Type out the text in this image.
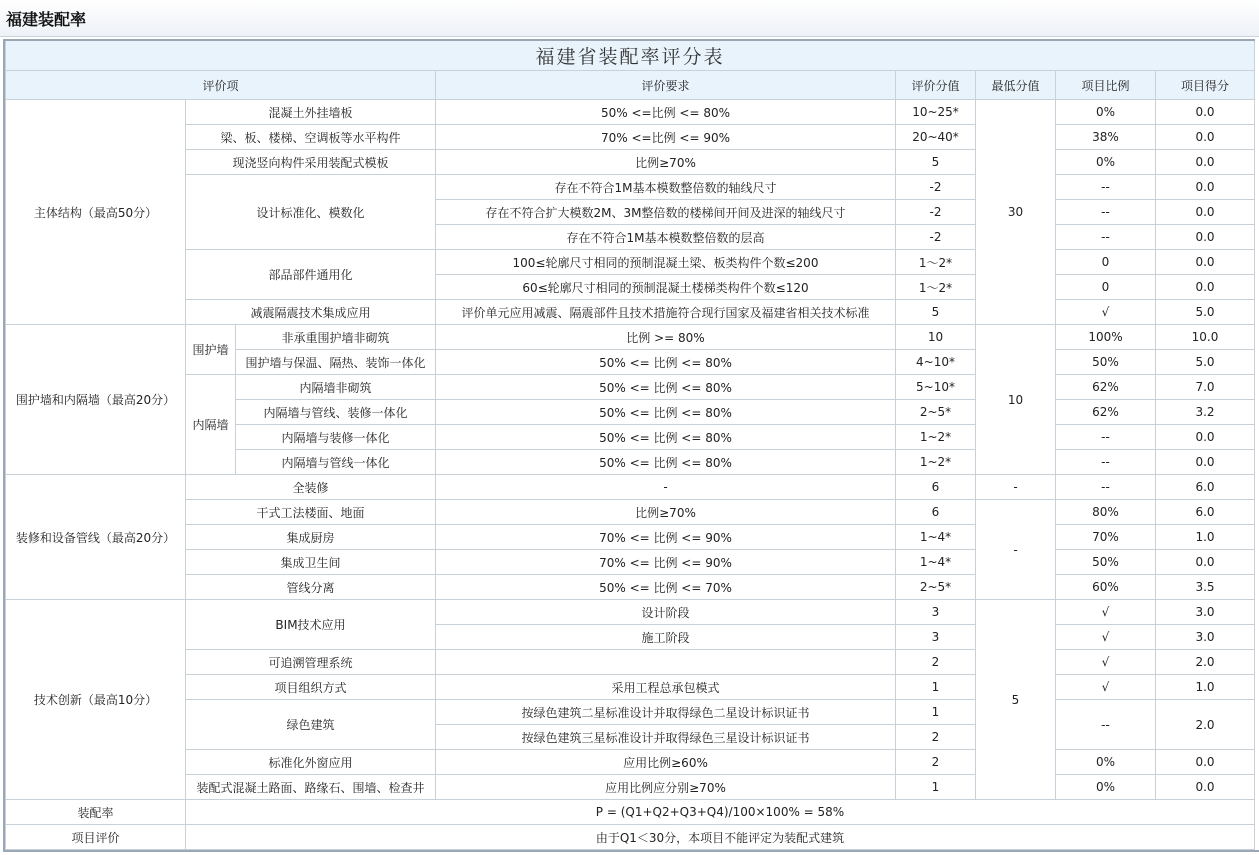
福建装配率
福建省装配率评分表							
评价项			评价要求	评价分值	最低分值	项目比例	项目得分
主体结构（最高50分）	混凝土外挂墙板		50% <=比例 <= 80%	10~25*	30	0%	0.0
	梁、板、楼梯、空调板等水平构件		70% <=比例 <= 90%	20~40*		38%	0.0
	现浇竖向构件采用装配式模板		比例≥70%	5		0%	0.0
	设计标准化、模数化		存在不符合1M基本模数整倍数的轴线尺寸	-2		--	0.0
			存在不符合扩大模数2M、3M整倍数的楼梯间开间及进深的轴线尺寸	-2		--	0.0
			存在不符合1M基本模数整倍数的层高	-2		--	0.0
	部品部件通用化		100≤轮廓尺寸相同的预制混凝土梁、板类构件个数≤200	1～2*		0	0.0
			60≤轮廓尺寸相同的预制混凝土楼梯类构件个数≤120	1～2*		0	0.0
	减震隔震技术集成应用		评价单元应用减震、隔震部件且技术措施符合现行国家及福建省相关技术标准	5		√	5.0
围护墙和内隔墙（最高20分）	围护墙	非承重围护墙非砌筑	比例 >= 80%	10	10	100%	10.0
		围护墙与保温、隔热、装饰一体化	50% <= 比例 <= 80%	4~10*		50%	5.0
	内隔墙	内隔墙非砌筑	50% <= 比例 <= 80%	5~10*		62%	7.0
		内隔墙与管线、装修一体化	50% <= 比例 <= 80%	2~5*		62%	3.2
		内隔墙与装修一体化	50% <= 比例 <= 80%	1~2*		--	0.0
		内隔墙与管线一体化	50% <= 比例 <= 80%	1~2*		--	0.0
装修和设备管线（最高20分）	全装修		-	6	-	--	6.0
	干式工法楼面、地面		比例≥70%	6	-	80%	6.0
	集成厨房		70% <= 比例 <= 90%	1~4*		70%	1.0
	集成卫生间		70% <= 比例 <= 90%	1~4*		50%	0.0
	管线分离		50% <= 比例 <= 70%	2~5*		60%	3.5
技术创新（最高10分）	BIM技术应用		设计阶段	3	5	√	3.0
			施工阶段	3		√	3.0
	可追溯管理系统			2		√	2.0
	项目组织方式		采用工程总承包模式	1		√	1.0
	绿色建筑		按绿色建筑二星标准设计并取得绿色二星设计标识证书	1		--	2.0
			按绿色建筑三星标准设计并取得绿色三星设计标识证书	2			
	标准化外窗应用		应用比例≥60%	2		0%	0.0
	装配式混凝土路面、路缘石、围墙、检查井		应用比例应分别≥70%	1		0%	0.0
装配率	P = (Q1+Q2+Q3+Q4)/100×100% = 58%						
项目评价	由于Q1＜30分，本项目不能评定为装配式建筑						
